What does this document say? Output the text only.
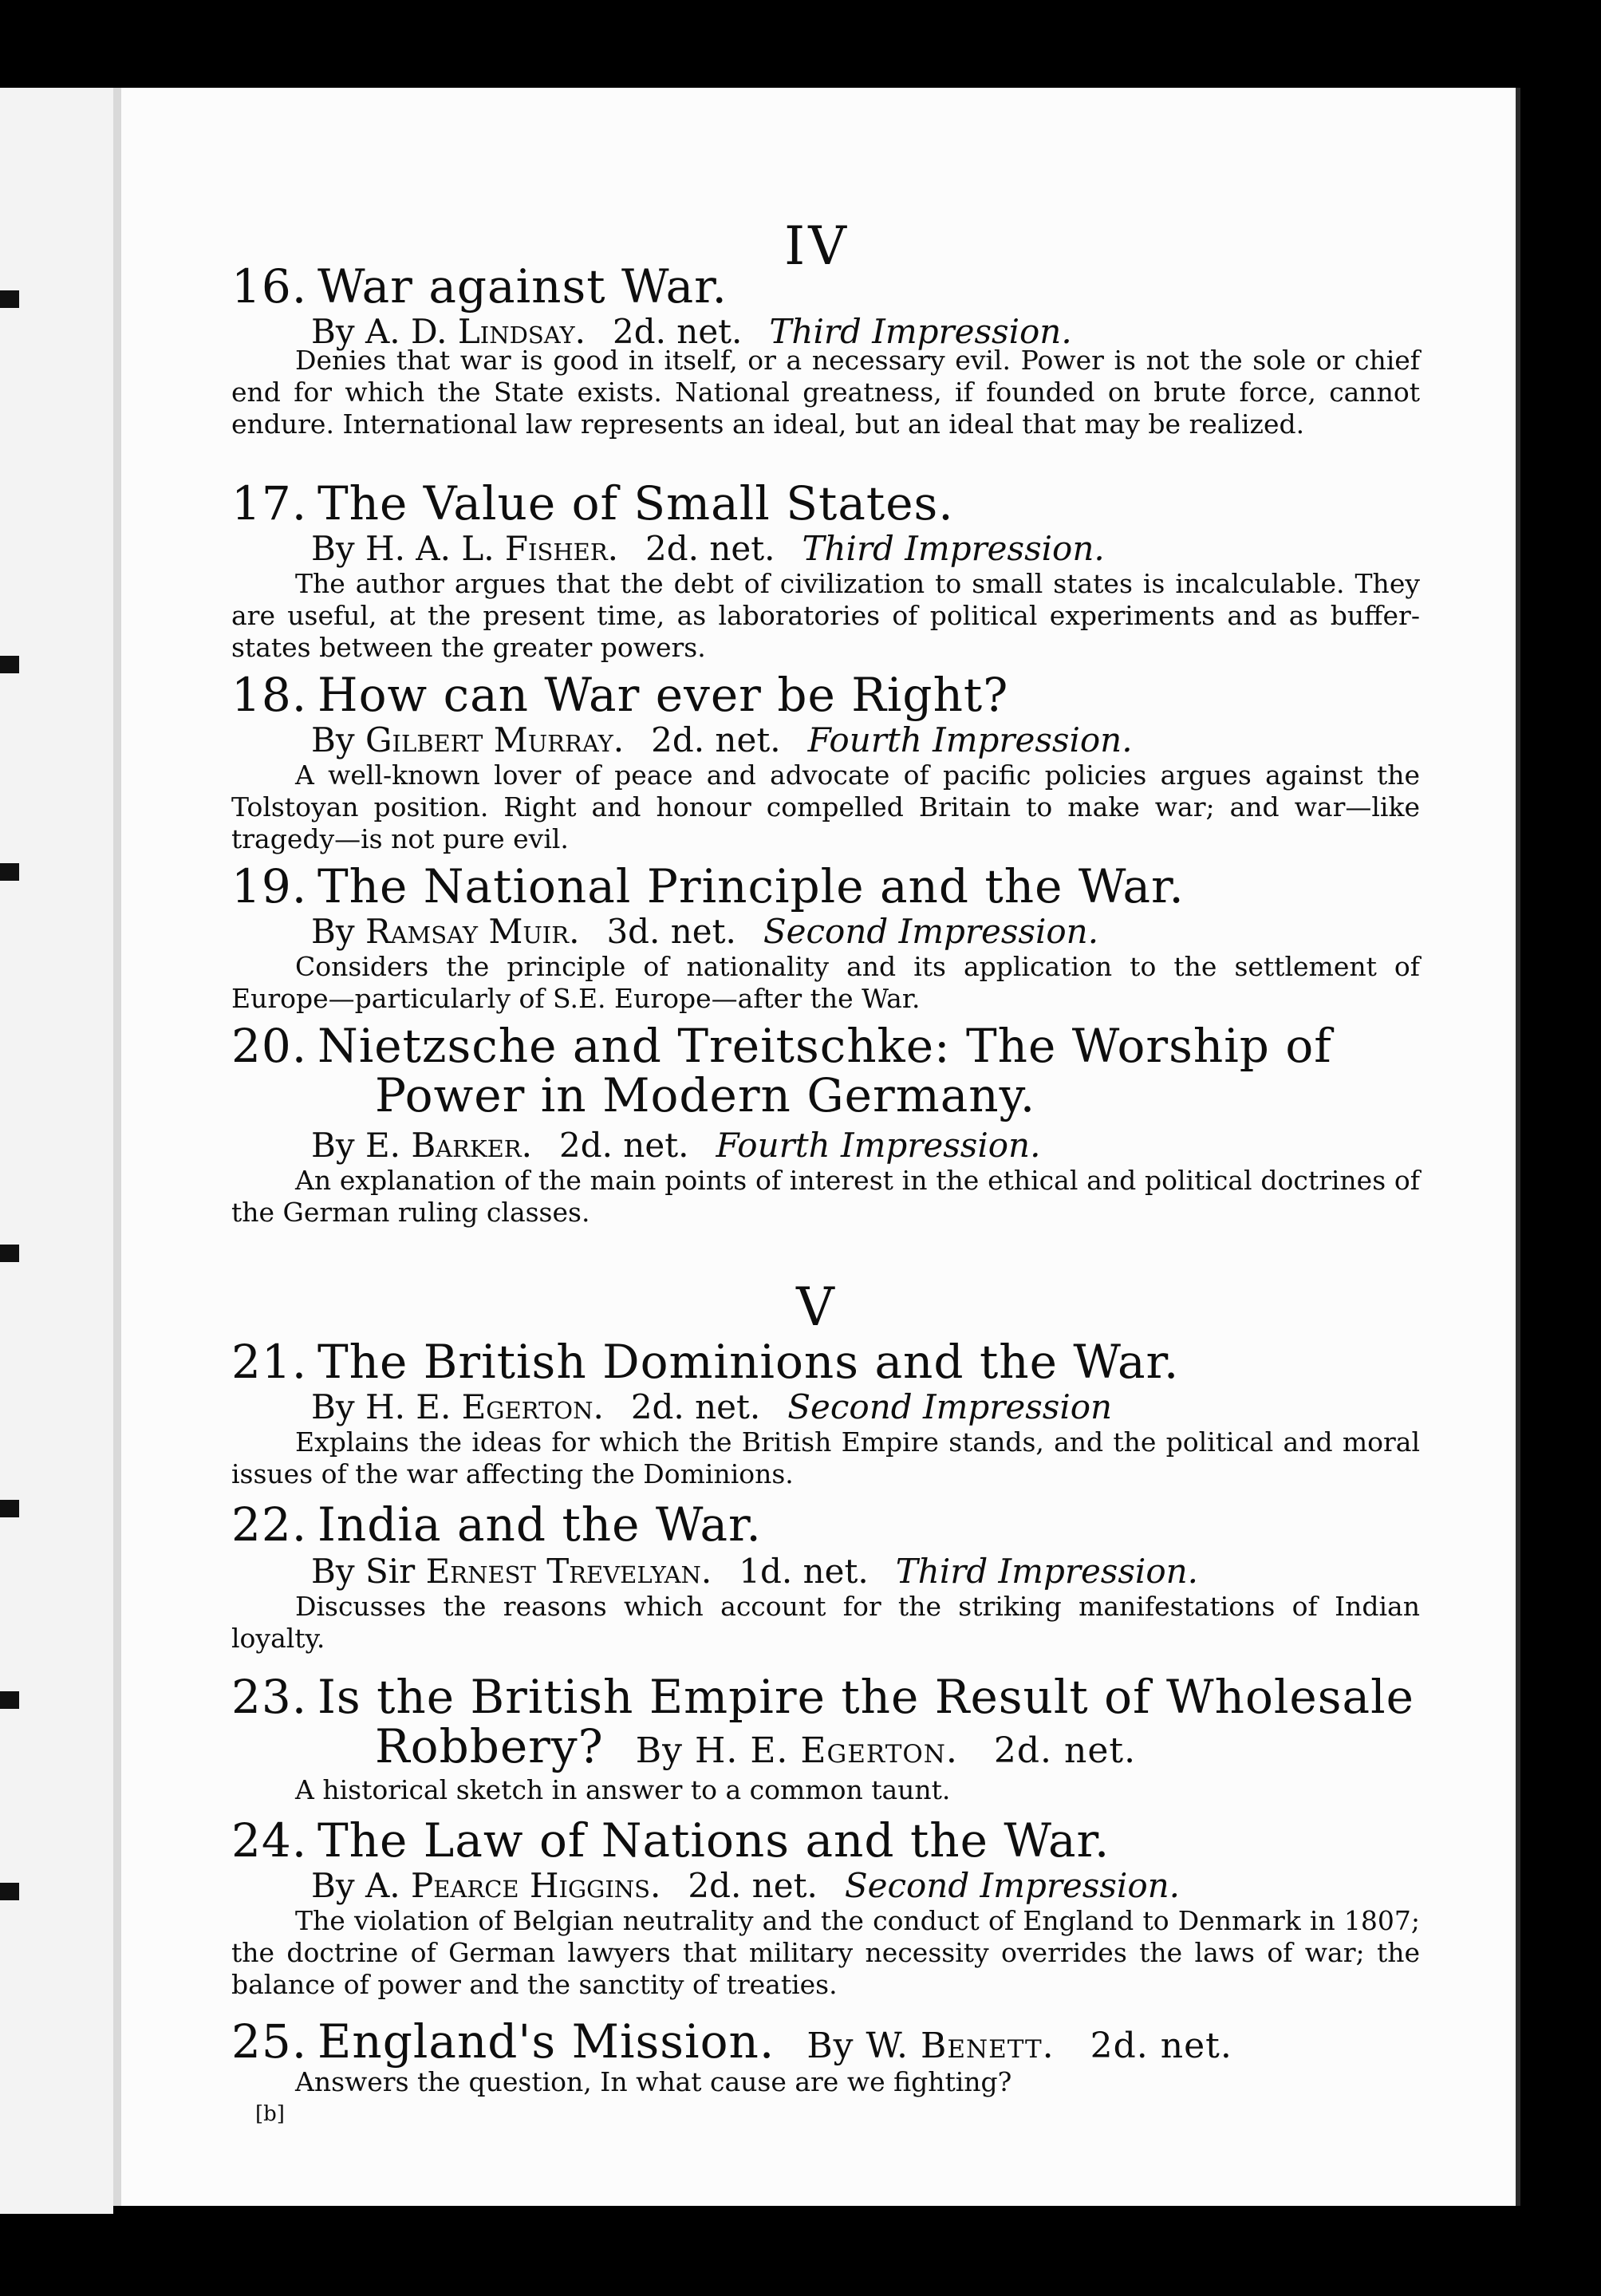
IV
16. War against War.
By A. D. Lindsay. 2d. net. Third Impression.
Denies that war is good in itself, or a necessary evil. Power is not the sole or chief end for which the State exists. National greatness, if founded on brute force, cannot endure. International law represents an ideal, but an ideal that may be realized.
17. The Value of Small States.
By H. A. L. Fisher. 2d. net. Third Impression.
The author argues that the debt of civilization to small states is incalculable. They are useful, at the present time, as laboratories of political experiments and as buffer-states between the greater powers.
18. How can War ever be Right?
By Gilbert Murray. 2d. net. Fourth Impression.
A well-known lover of peace and advocate of pacific policies argues against the Tolstoyan position. Right and honour compelled Britain to make war; and war—like tragedy—is not pure evil.
19. The National Principle and the War.
By Ramsay Muir. 3d. net. Second Impression.
Considers the principle of nationality and its application to the settlement of Europe—particularly of S.E. Europe—after the War.
20. Nietzsche and Treitschke: The Worship of
Power in Modern Germany.
By E. Barker. 2d. net. Fourth Impression.
An explanation of the main points of interest in the ethical and political doctrines of the German ruling classes.
V
21. The British Dominions and the War.
By H. E. Egerton. 2d. net. Second Impression
Explains the ideas for which the British Empire stands, and the political and moral issues of the war affecting the Dominions.
22. India and the War.
By Sir Ernest Trevelyan. 1d. net. Third Impression.
Discusses the reasons which account for the striking manifestations of Indian loyalty.
23. Is the British Empire the Result of Wholesale
Robbery? By H. E. Egerton. 2d. net.
A historical sketch in answer to a common taunt.
24. The Law of Nations and the War.
By A. Pearce Higgins. 2d. net. Second Impression.
The violation of Belgian neutrality and the conduct of England to Denmark in 1807; the doctrine of German lawyers that military necessity overrides the laws of war; the balance of power and the sanctity of treaties.
25. England's Mission. By W. Benett. 2d. net.
Answers the question, In what cause are we fighting?
[b]
